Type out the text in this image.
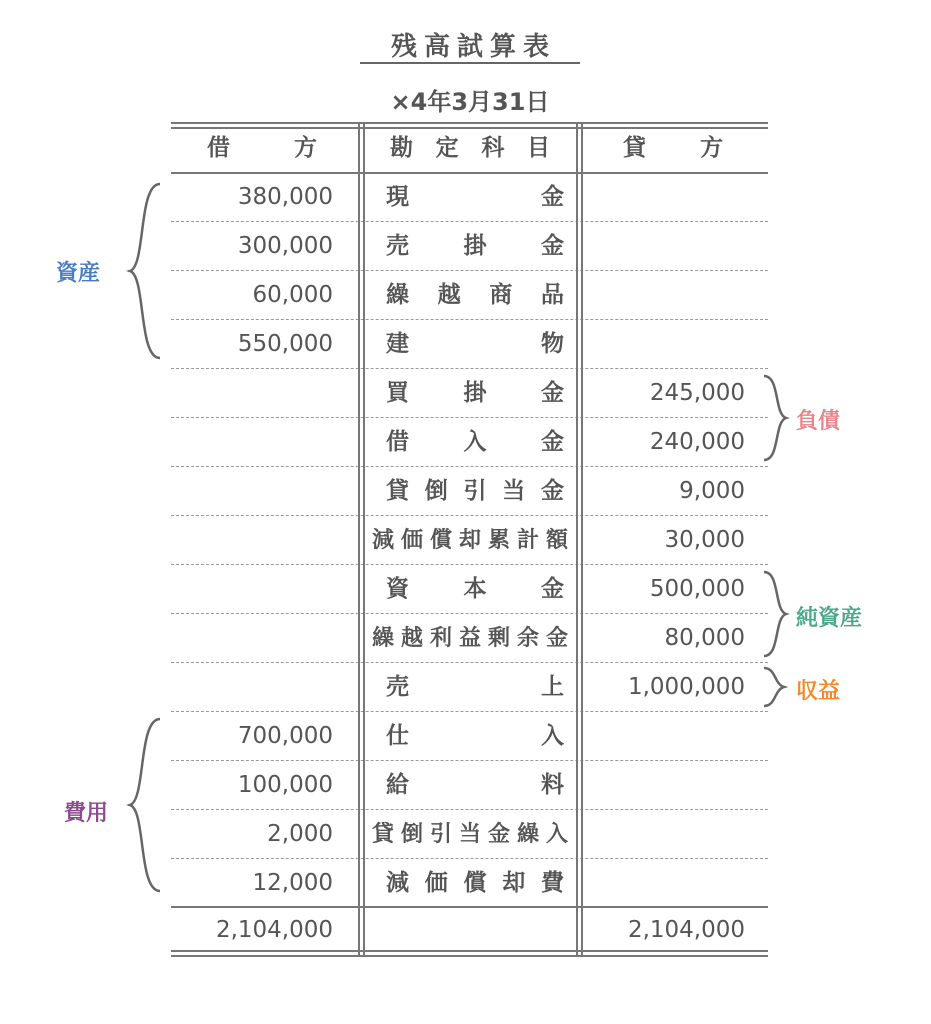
残高試算表
×4年3月31日
借方	勘定科目	貸方
380,000	現金
300,000	売掛金
60,000	繰越商品
550,000	建物
買掛金	245,000
借入金	240,000
貸倒引当金	9,000
減価償却累計額	30,000
資本金	500,000
繰越利益剰余金	80,000
売上	1,000,000
700,000	仕入
100,000	給料
2,000 貸倒引当金繰入
12,000	減価償却費
2,104,000	2,104,000
資産
負債
純資産
収益
費用
